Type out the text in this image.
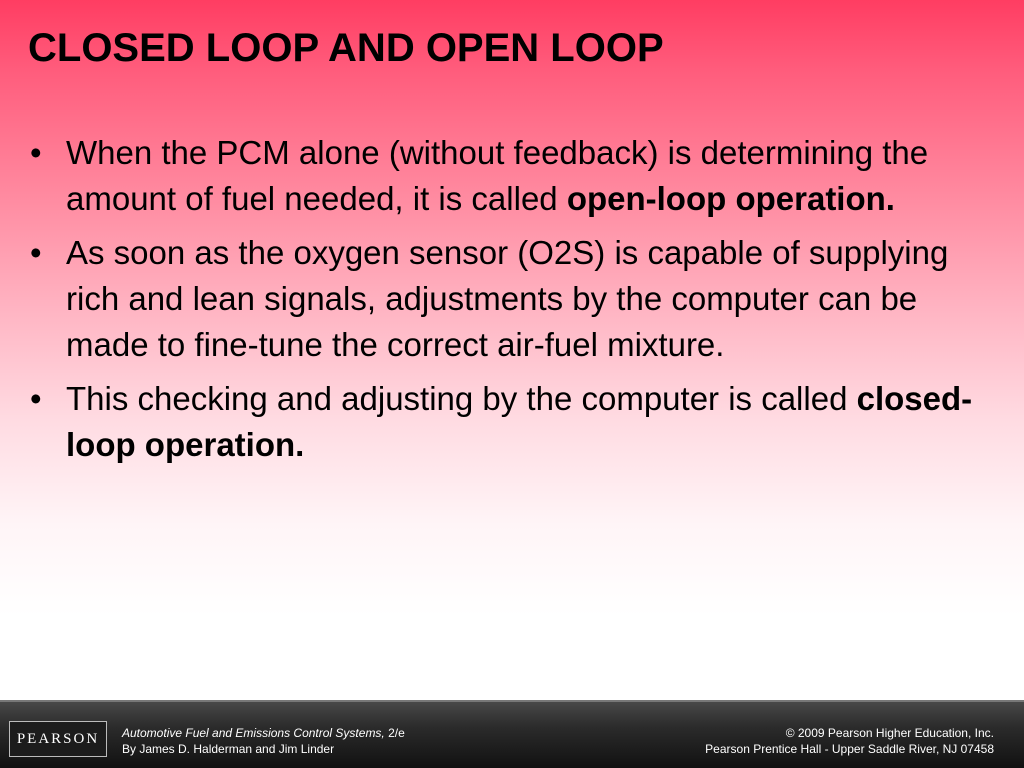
CLOSED LOOP AND OPEN LOOP
• When the PCM alone (without feedback) is determining the amount of fuel needed, it is called open-loop operation.
• As soon as the oxygen sensor (O2S) is capable of supplying rich and lean signals, adjustments by the computer can be made to fine-tune the correct air-fuel mixture.
• This checking and adjusting by the computer is called closed-loop operation.
PEARSON Automotive Fuel and Emissions Control Systems, 2/e
By James D. Halderman and Jim Linder
© 2009 Pearson Higher Education, Inc.
Pearson Prentice Hall - Upper Saddle River, NJ 07458
